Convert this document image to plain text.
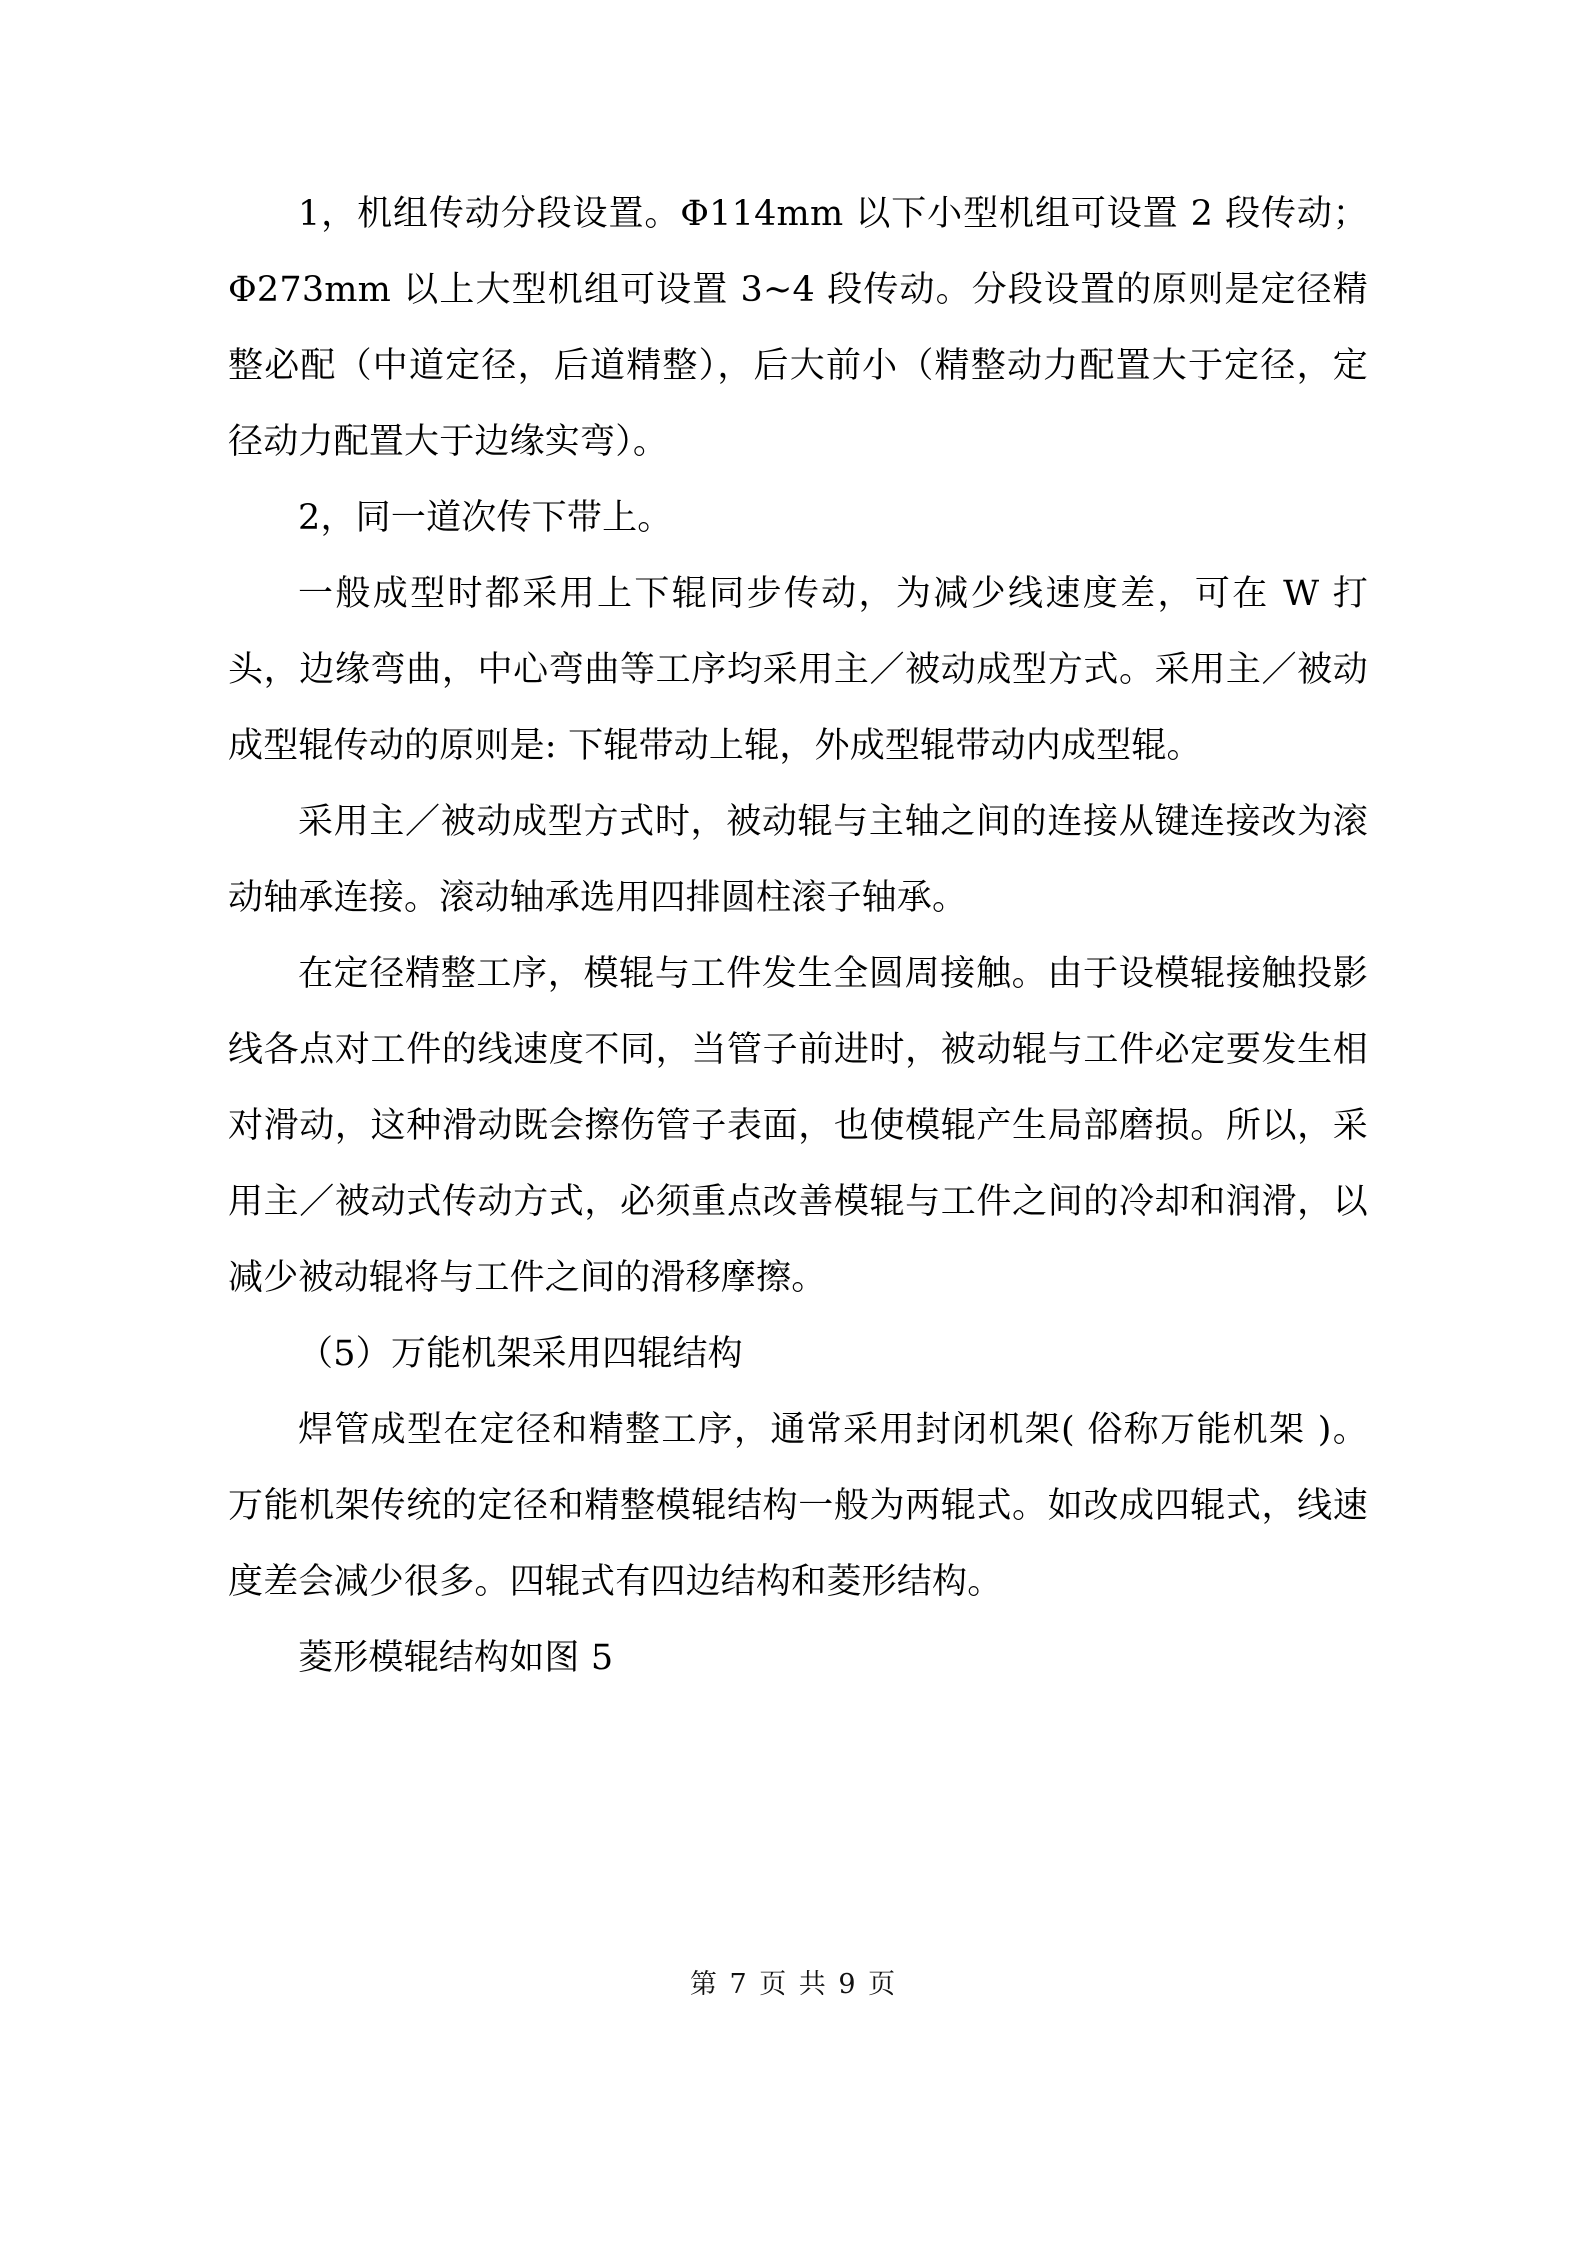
1，机组传动分段设置。Φ114mm 以下小型机组可设置 2 段传动；Φ273mm 以上大型机组可设置 3~4 段传动。分段设置的原则是定径精整必配（中道定径，后道精整），后大前小（精整动力配置大于定径，定径动力配置大于边缘实弯）。

2，同一道次传下带上。

一般成型时都采用上下辊同步传动，为减少线速度差，可在 W 打头，边缘弯曲，中心弯曲等工序均采用主／被动成型方式。采用主／被动成型辊传动的原则是: 下辊带动上辊，外成型辊带动内成型辊。

采用主／被动成型方式时，被动辊与主轴之间的连接从键连接改为滚动轴承连接。滚动轴承选用四排圆柱滚子轴承。

在定径精整工序，模辊与工件发生全圆周接触。由于设模辊接触投影线各点对工件的线速度不同，当管子前进时，被动辊与工件必定要发生相对滑动，这种滑动既会擦伤管子表面，也使模辊产生局部磨损。所以，采用主／被动式传动方式，必须重点改善模辊与工件之间的冷却和润滑，以减少被动辊将与工件之间的滑移摩擦。

（5）万能机架采用四辊结构

焊管成型在定径和精整工序，通常采用封闭机架( 俗称万能机架 )。万能机架传统的定径和精整模辊结构一般为两辊式。如改成四辊式，线速度差会减少很多。四辊式有四边结构和菱形结构。

菱形模辊结构如图 5

第 7 页 共 9 页
